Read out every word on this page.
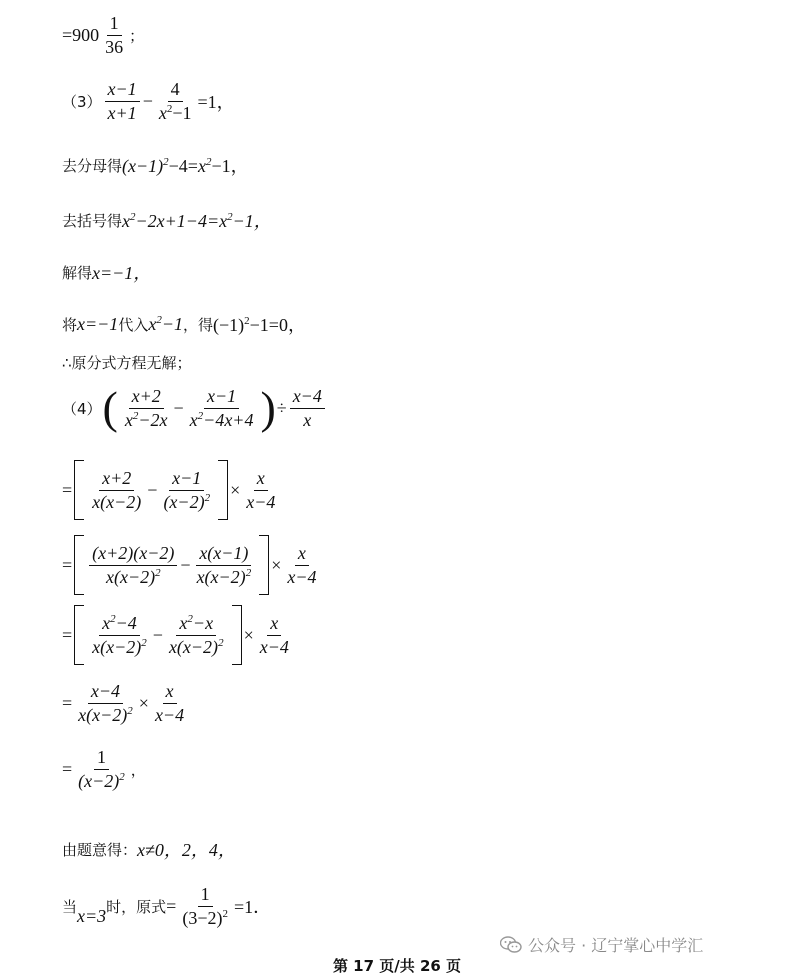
$=900 \frac{1}{36}$ ；
$(3) \frac{x-1}{x+1} - \frac{4}{x^2-1} =1$，
去分母得 $(x-1)^2-4=x^2-1$，
去括号得 $x^2-2x+1-4=x^2-1$，
解得 x=−1，
将 x=−1 代入 $x^2-1$ ，得 $(-1)^2-1=0$，
∴原分式方程无解；
（4） ( $\frac{x+2}{x^2-2x} - \frac{x-1}{x^2-4x+4}$ ) ÷ $\frac{x-4}{x}$
= $\frac{x+2}{x(x-2)} - \frac{x-1}{(x-2)^2} \times \frac{x}{x-4}$
= $\frac{(x+2)(x-2)}{x(x-2)^2} - \frac{x(x-1)}{x(x-2)^2} \times \frac{x}{x-4}$
= $\frac{x^2-4}{x(x-2)^2} - \frac{x^2-x}{x(x-2)^2} \times \frac{x}{x-4}$
= $\frac{x-4}{x(x-2)^2} \times \frac{x}{x-4}$
= $\frac{1}{(x-2)^2}$ ，
由题意得： x≠0，2，4，
当 x=3 时，原式 = $\frac{1}{(3-2)^2} =1$．
公众号 · 辽宁掌心中学汇
第 17 页/共 26 页
